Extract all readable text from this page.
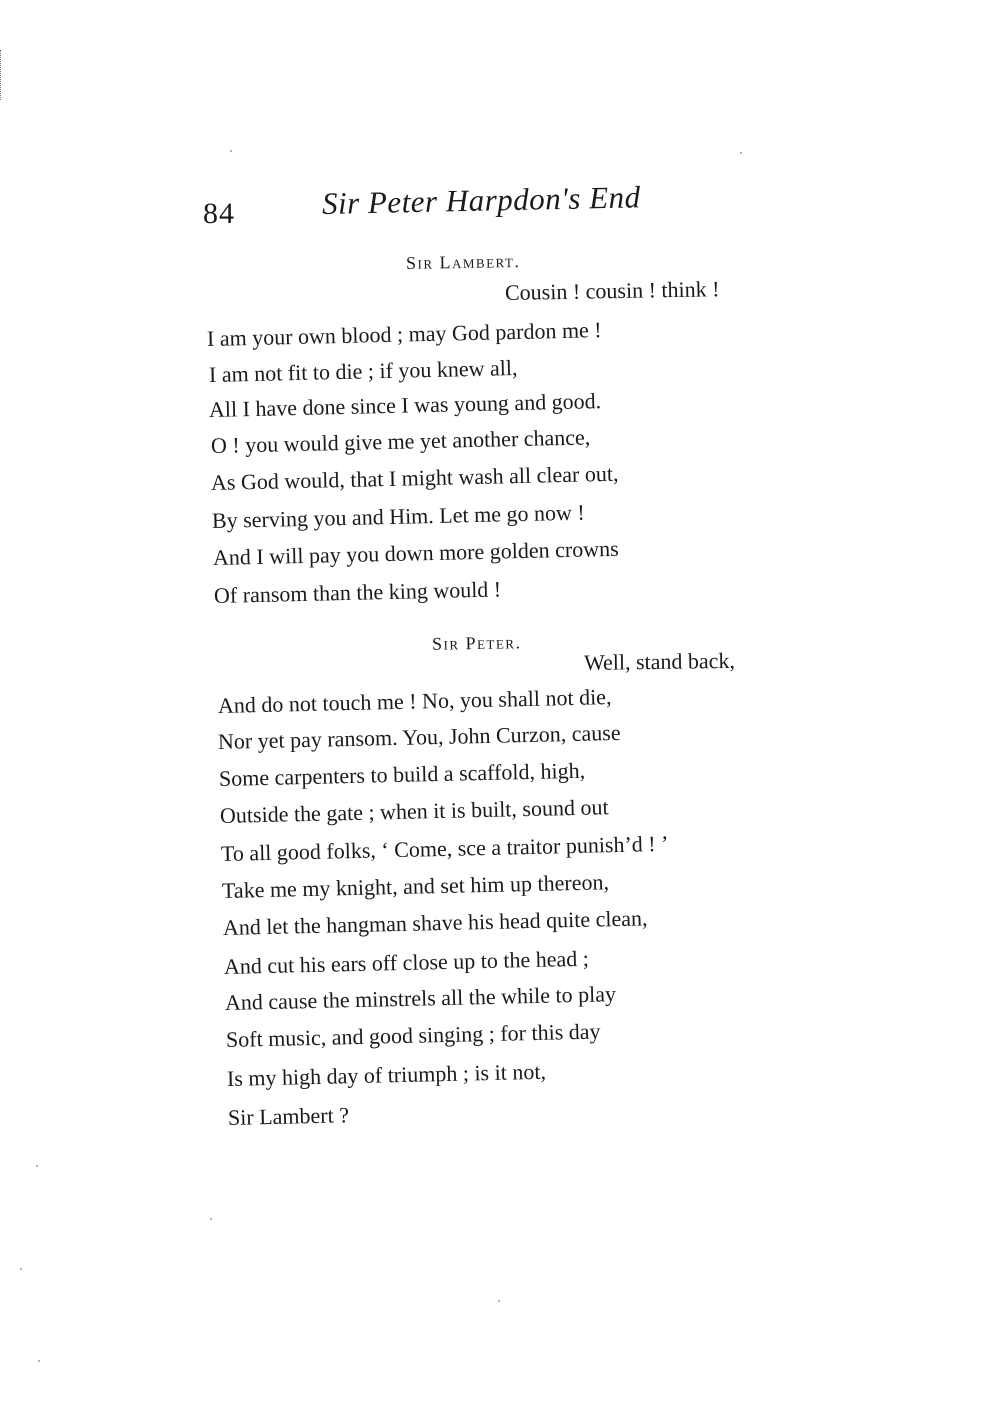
84	Sir Peter Harpdon's End
Sir Lambert.
Cousin ! cousin ! think !
I am your own blood ; may God pardon me !
I am not fit to die ; if you knew all,
All I have done since I was young and good.
O ! you would give me yet another chance,
As God would, that I might wash all clear out,
By serving you and Him. Let me go now !
And I will pay you down more golden crowns
Of ransom than the king would !
Sir Peter.
Well, stand back,
And do not touch me ! No, you shall not die,
Nor yet pay ransom. You, John Curzon, cause
Some carpenters to build a scaffold, high,
Outside the gate ; when it is built, sound out
To all good folks, ‘ Come, sce a traitor punish’d ! ’
Take me my knight, and set him up thereon,
And let the hangman shave his head quite clean,
And cut his ears off close up to the head ;
And cause the minstrels all the while to play
Soft music, and good singing ; for this day
Is my high day of triumph ; is it not,
Sir Lambert ?
